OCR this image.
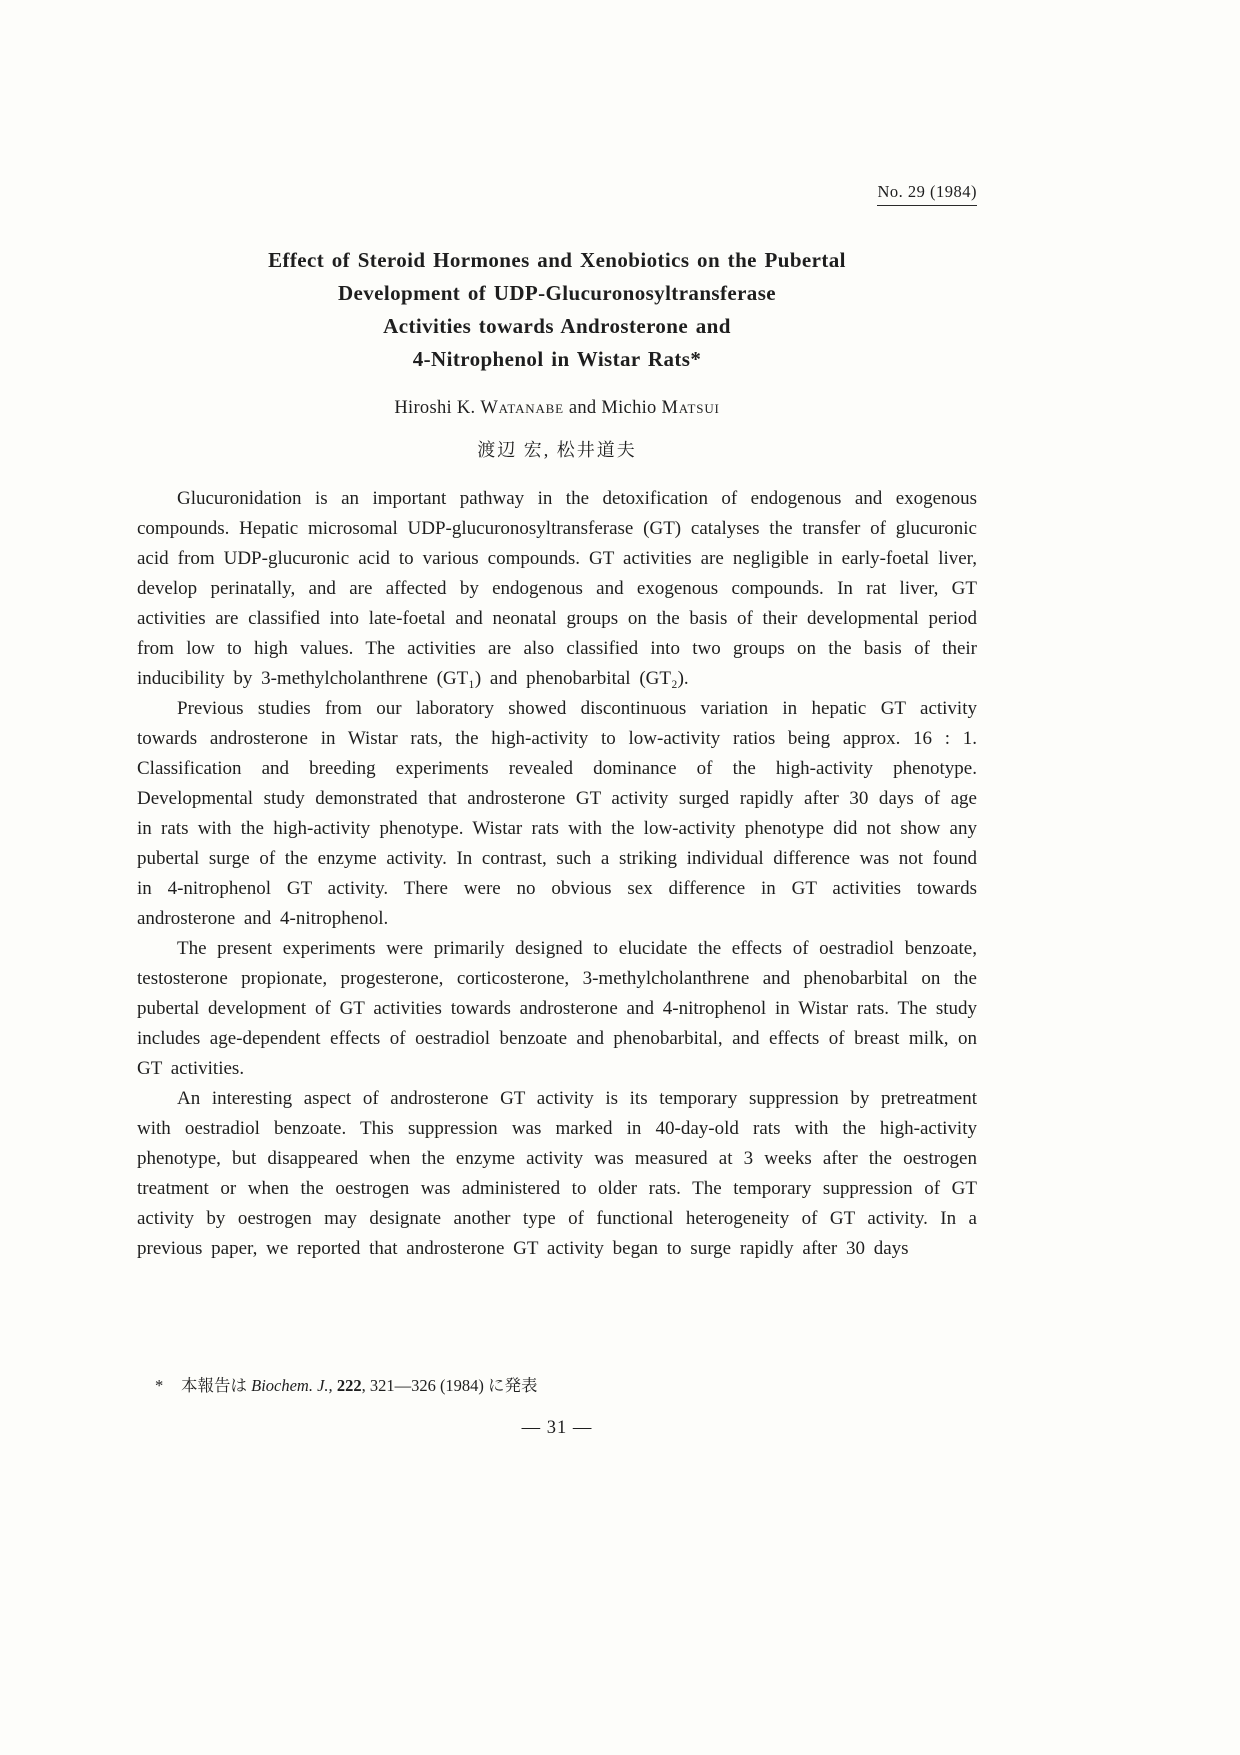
No. 29 (1984)
Effect of Steroid Hormones and Xenobiotics on the Pubertal
Development of UDP-Glucuronosyltransferase
Activities towards Androsterone and
4-Nitrophenol in Wistar Rats*
Hiroshi K. Watanabe and Michio Matsui
渡辺 宏, 松井道夫

Glucuronidation is an important pathway in the detoxification of endogenous and exogenous compounds. Hepatic microsomal UDP-glucuronosyltransferase (GT) catalyses the transfer of glucuronic acid from UDP-glucuronic acid to various compounds. GT activities are negligible in early-foetal liver, develop perinatally, and are affected by endogenous and exogenous compounds. In rat liver, GT activities are classified into late-foetal and neonatal groups on the basis of their developmental period from low to high values. The activities are also classified into two groups on the basis of their inducibility by 3-methylcholanthrene (GT₁) and phenobarbital (GT₂).

Previous studies from our laboratory showed discontinuous variation in hepatic GT activity towards androsterone in Wistar rats, the high-activity to low-activity ratios being approx. 16 : 1. Classification and breeding experiments revealed dominance of the high-activity phenotype. Developmental study demonstrated that androsterone GT activity surged rapidly after 30 days of age in rats with the high-activity phenotype. Wistar rats with the low-activity phenotype did not show any pubertal surge of the enzyme activity. In contrast, such a striking individual difference was not found in 4-nitrophenol GT activity. There were no obvious sex difference in GT activities towards androsterone and 4-nitrophenol.

The present experiments were primarily designed to elucidate the effects of oestradiol benzoate, testosterone propionate, progesterone, corticosterone, 3-methylcholanthrene and phenobarbital on the pubertal development of GT activities towards androsterone and 4-nitrophenol in Wistar rats. The study includes age-dependent effects of oestradiol benzoate and phenobarbital, and effects of breast milk, on GT activities.

An interesting aspect of androsterone GT activity is its temporary suppression by pretreatment with oestradiol benzoate. This suppression was marked in 40-day-old rats with the high-activity phenotype, but disappeared when the enzyme activity was measured at 3 weeks after the oestrogen treatment or when the oestrogen was administered to older rats. The temporary suppression of GT activity by oestrogen may designate another type of functional heterogeneity of GT activity. In a previous paper, we reported that androsterone GT activity began to surge rapidly after 30 days

* 本報告は Biochem. J., 222, 321—326 (1984) に発表
— 31 —
